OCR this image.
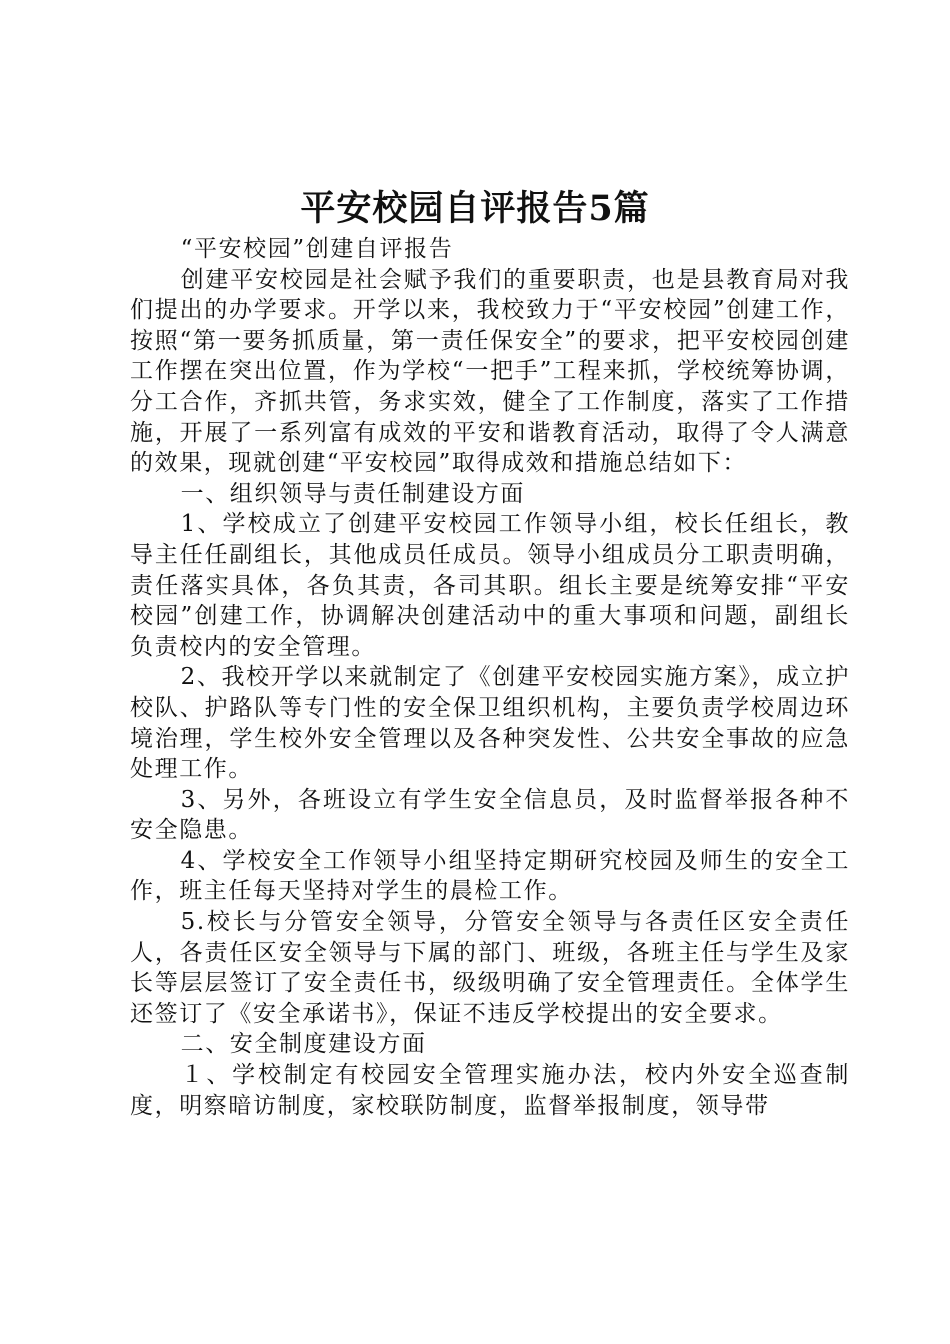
平安校园自评报告5篇

“平安校园”创建自评报告

创建平安校园是社会赋予我们的重要职责，也是县教育局对我们提出的办学要求。开学以来，我校致力于“平安校园”创建工作，按照“第一要务抓质量，第一责任保安全”的要求，把平安校园创建工作摆在突出位置，作为学校“一把手”工程来抓，学校统筹协调，分工合作，齐抓共管，务求实效，健全了工作制度，落实了工作措施，开展了一系列富有成效的平安和谐教育活动，取得了令人满意的效果，现就创建“平安校园”取得成效和措施总结如下：

一、组织领导与责任制建设方面

1、学校成立了创建平安校园工作领导小组，校长任组长，教导主任任副组长，其他成员任成员。领导小组成员分工职责明确，责任落实具体，各负其责，各司其职。组长主要是统筹安排“平安校园”创建工作，协调解决创建活动中的重大事项和问题，副组长负责校内的安全管理。

2、我校开学以来就制定了《创建平安校园实施方案》，成立护校队、护路队等专门性的安全保卫组织机构，主要负责学校周边环境治理，学生校外安全管理以及各种突发性、公共安全事故的应急处理工作。

3、另外，各班设立有学生安全信息员，及时监督举报各种不安全隐患。

4、学校安全工作领导小组坚持定期研究校园及师生的安全工作，班主任每天坚持对学生的晨检工作。

5.校长与分管安全领导，分管安全领导与各责任区安全责任人，各责任区安全领导与下属的部门、班级，各班主任与学生及家长等层层签订了安全责任书，级级明确了安全管理责任。全体学生还签订了《安全承诺书》，保证不违反学校提出的安全要求。

二、安全制度建设方面

１、学校制定有校园安全管理实施办法，校内外安全巡查制度，明察暗访制度，家校联防制度，监督举报制度，领导带
